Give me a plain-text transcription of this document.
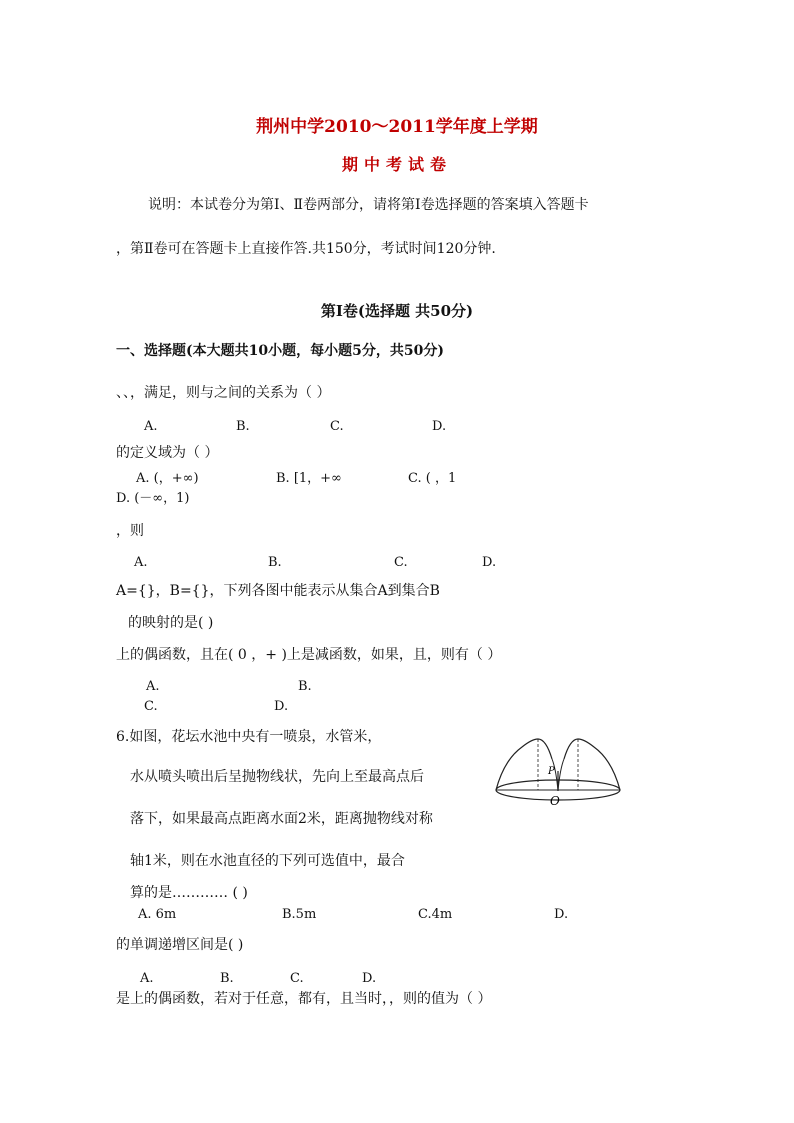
荆州中学2010～2011学年度上学期
期中考试卷
说明：本试卷分为第Ⅰ、Ⅱ卷两部分，请将第Ⅰ卷选择题的答案填入答题卡
，第Ⅱ卷可在答题卡上直接作答.共150分，考试时间120分钟.
第Ⅰ卷(选择题 共50分)
一、选择题(本大题共10小题，每小题5分，共50分)
、、，满足，则与之间的关系为（ ）
A.	B.	C.	D.
的定义域为（ ）
A. (，+∞)	B. [1，+∞	C. ( ，1
D. (－∞，1)
，则
A.	B.	C.	D.
A={}，B={}，下列各图中能表示从集合A到集合B
的映射的是( )
上的偶函数，且在( 0 ，+ )上是减函数，如果，且，则有（ ）
A.	B.
C.	D.
6.如图，花坛水池中央有一喷泉，水管米，
水从喷头喷出后呈抛物线状，先向上至最高点后
落下，如果最高点距离水面2米，距离抛物线对称
轴1米，则在水池直径的下列可选值中，最合
算的是………… ( )
A. 6m	B.5m	C.4m	D.
P
O
的单调递增区间是( )
A.	B.	C.	D.
是上的偶函数，若对于任意，都有，且当时，，则的值为（ ）
